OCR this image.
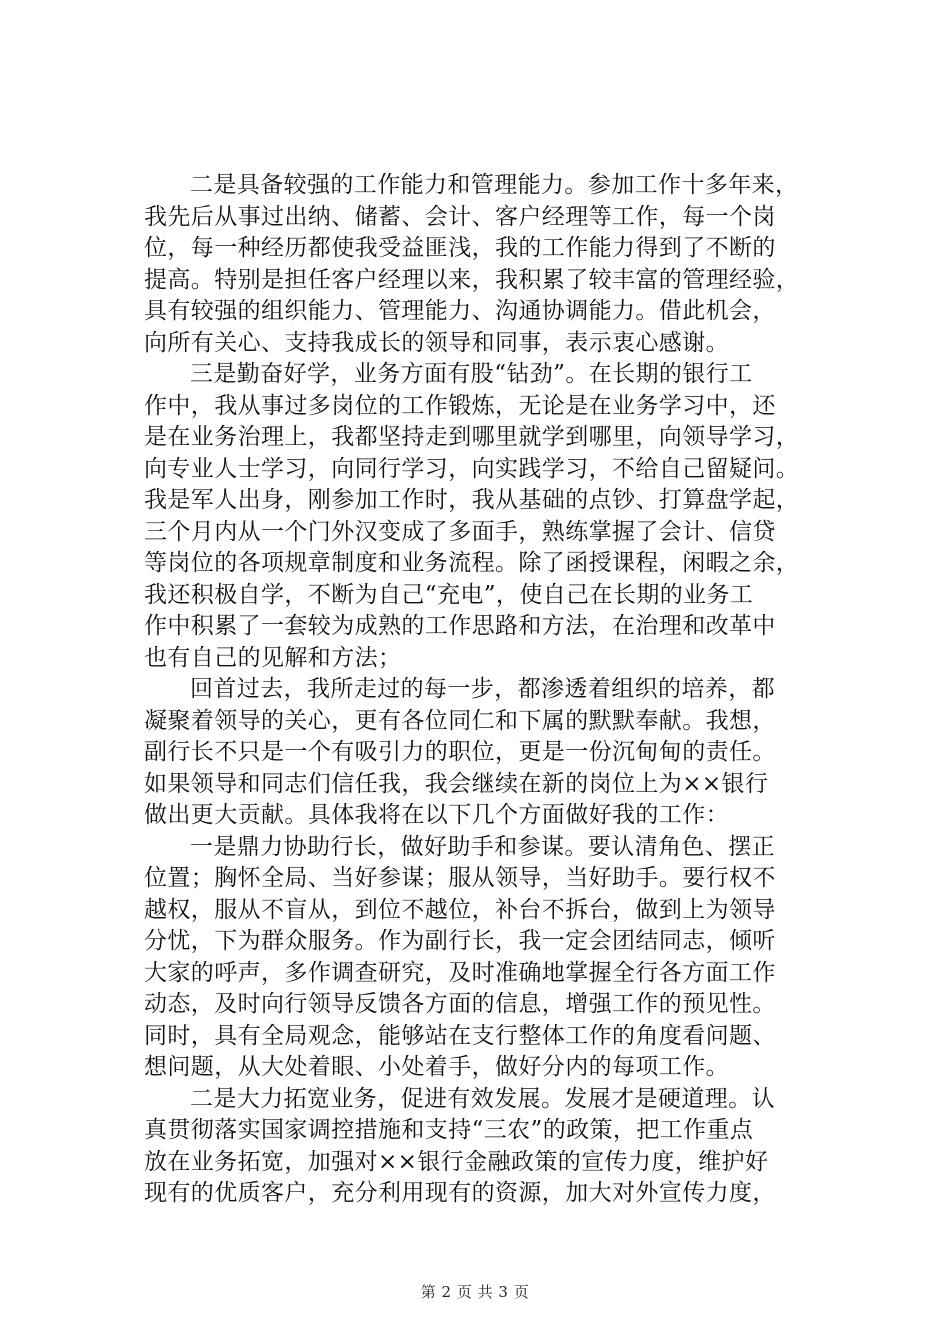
二是具备较强的工作能力和管理能力。参加工作十多年来，
我先后从事过出纳、储蓄、会计、客户经理等工作，每一个岗
位，每一种经历都使我受益匪浅，我的工作能力得到了不断的
提高。特别是担任客户经理以来，我积累了较丰富的管理经验，
具有较强的组织能力、管理能力、沟通协调能力。借此机会，
向所有关心、支持我成长的领导和同事，表示衷心感谢。
三是勤奋好学，业务方面有股“钻劲”。在长期的银行工
作中，我从事过多岗位的工作锻炼，无论是在业务学习中，还
是在业务治理上，我都坚持走到哪里就学到哪里，向领导学习，
向专业人士学习，向同行学习，向实践学习，不给自己留疑问。
我是军人出身，刚参加工作时，我从基础的点钞、打算盘学起，
三个月内从一个门外汉变成了多面手，熟练掌握了会计、信贷
等岗位的各项规章制度和业务流程。除了函授课程，闲暇之余，
我还积极自学，不断为自己“充电”，使自己在长期的业务工
作中积累了一套较为成熟的工作思路和方法，在治理和改革中
也有自己的见解和方法；
回首过去，我所走过的每一步，都渗透着组织的培养，都
凝聚着领导的关心，更有各位同仁和下属的默默奉献。我想，
副行长不只是一个有吸引力的职位，更是一份沉甸甸的责任。
如果领导和同志们信任我，我会继续在新的岗位上为××银行
做出更大贡献。具体我将在以下几个方面做好我的工作：
一是鼎力协助行长，做好助手和参谋。要认清角色、摆正
位置；胸怀全局、当好参谋；服从领导，当好助手。要行权不
越权，服从不盲从，到位不越位，补台不拆台，做到上为领导
分忧，下为群众服务。作为副行长，我一定会团结同志，倾听
大家的呼声，多作调查研究，及时准确地掌握全行各方面工作
动态，及时向行领导反馈各方面的信息，增强工作的预见性。
同时，具有全局观念，能够站在支行整体工作的角度看问题、
想问题，从大处着眼、小处着手，做好分内的每项工作。
二是大力拓宽业务，促进有效发展。发展才是硬道理。认
真贯彻落实国家调控措施和支持“三农”的政策，把工作重点
放在业务拓宽，加强对××银行金融政策的宣传力度，维护好
现有的优质客户，充分利用现有的资源，加大对外宣传力度，
第 2 页 共 3 页
